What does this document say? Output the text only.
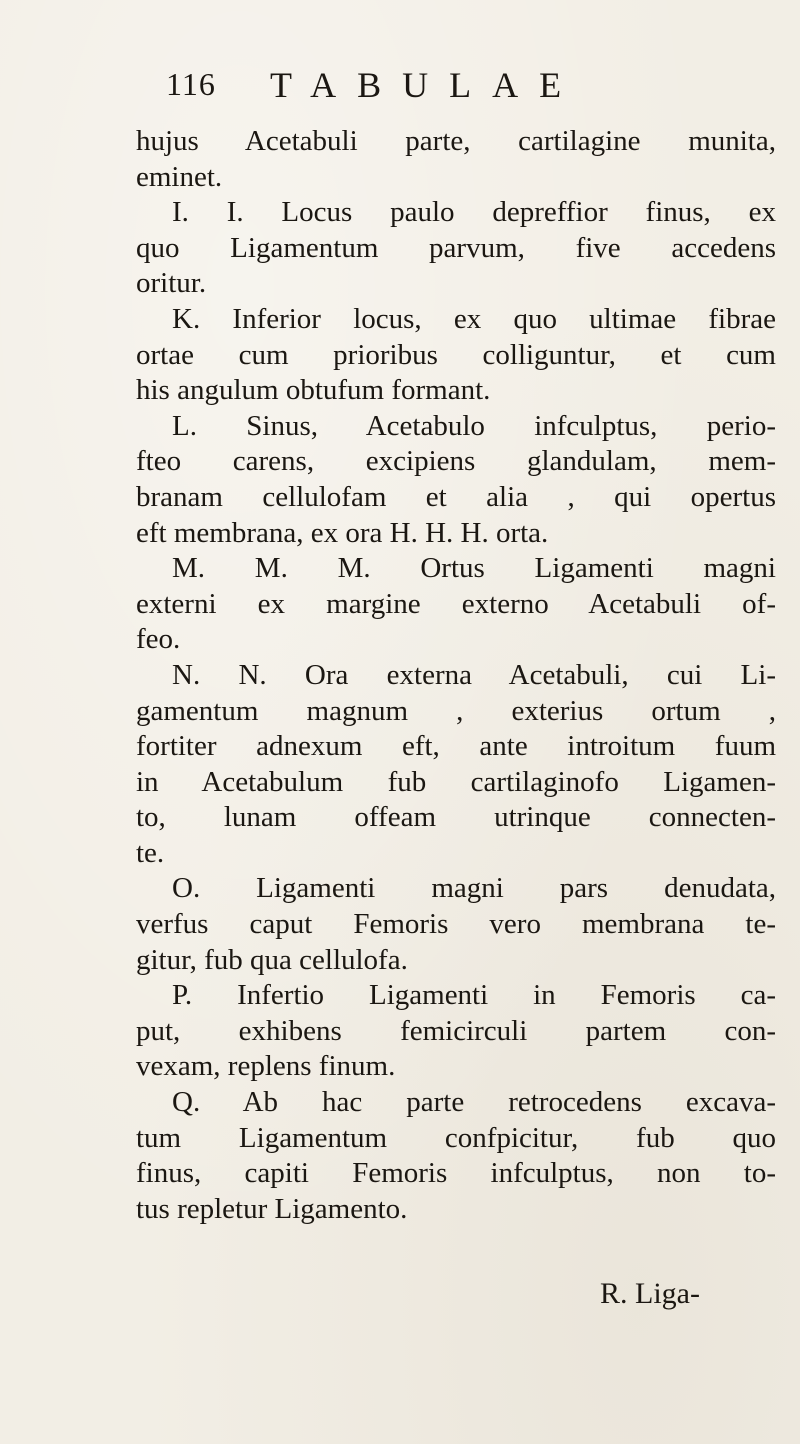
116 TABULAE
hujus Acetabuli parte, cartilagine munita,
eminet.
I. I. Locus paulo depreffior finus, ex
quo Ligamentum parvum, five accedens
oritur.
K. Inferior locus, ex quo ultimae fibrae
ortae cum prioribus colliguntur, et cum
his angulum obtufum formant.
L. Sinus, Acetabulo infculptus, perio-
fteo carens, excipiens glandulam, mem-
branam cellulofam et alia , qui opertus
eft membrana, ex ora H. H. H. orta.
M. M. M. Ortus Ligamenti magni
externi ex margine externo Acetabuli of-
feo.
N. N. Ora externa Acetabuli, cui Li-
gamentum magnum , exterius ortum ,
fortiter adnexum eft, ante introitum fuum
in Acetabulum fub cartilaginofo Ligamen-
to, lunam offeam utrinque connecten-
te.
O. Ligamenti magni pars denudata,
verfus caput Femoris vero membrana te-
gitur, fub qua cellulofa.
P. Infertio Ligamenti in Femoris ca-
put, exhibens femicirculi partem con-
vexam, replens finum.
Q. Ab hac parte retrocedens excava-
tum Ligamentum confpicitur, fub quo
finus, capiti Femoris infculptus, non to-
tus repletur Ligamento.
R. Liga-
